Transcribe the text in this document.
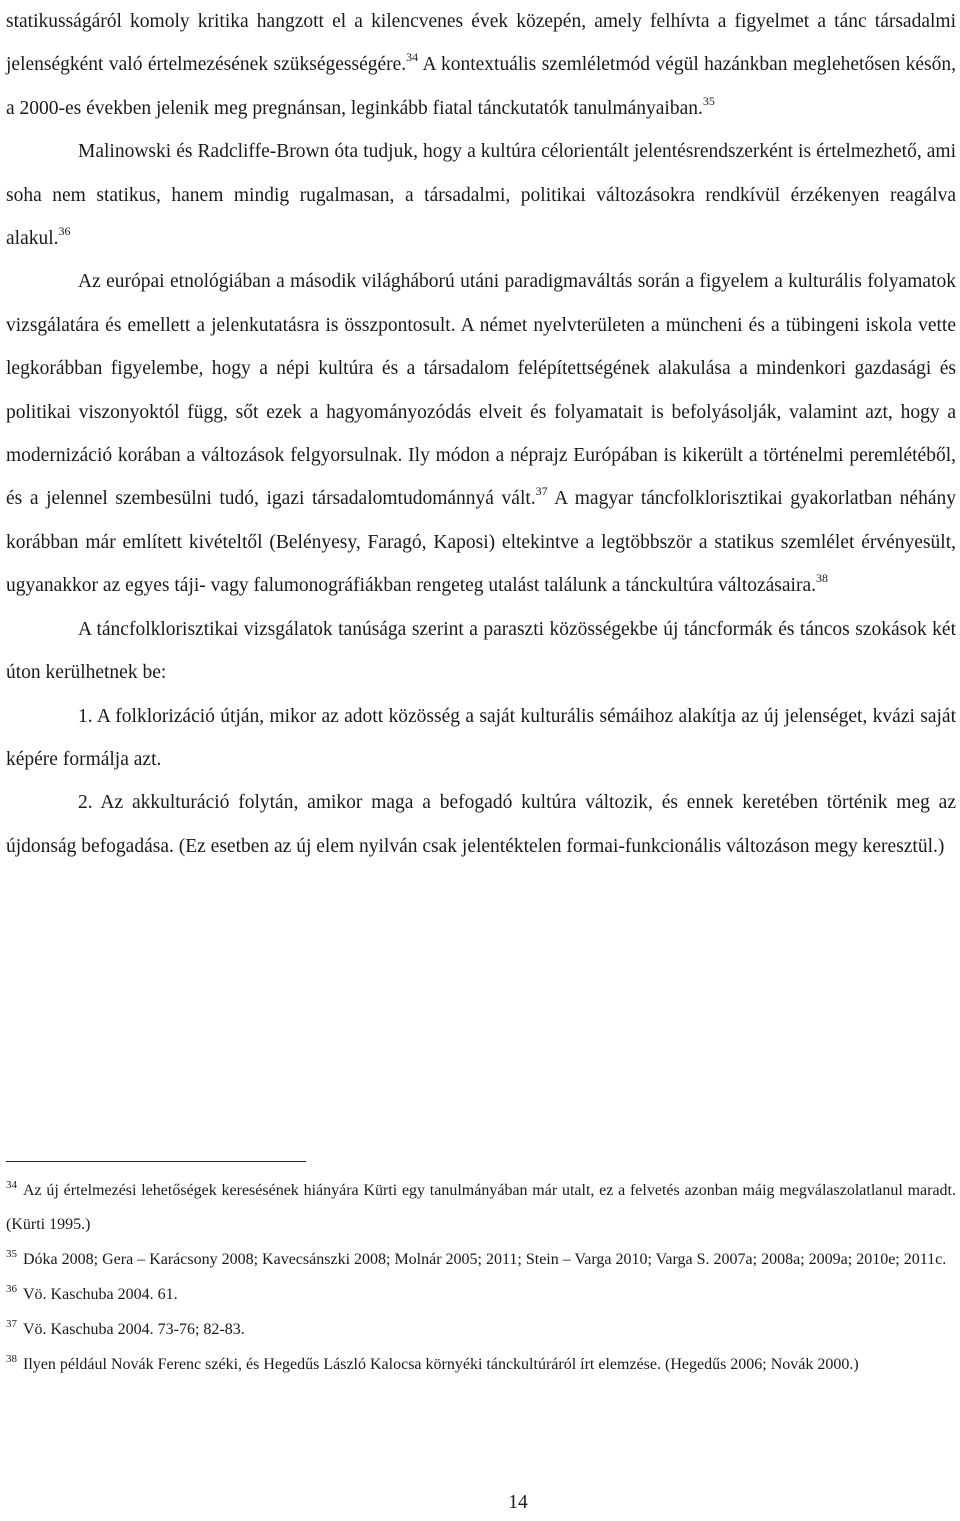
statikusságáról komoly kritika hangzott el a kilencvenes évek közepén, amely felhívta a figyelmet a tánc társadalmi jelenségként való értelmezésének szükségességére.$^{34}$ A kontextuális szemléletmód végül hazánkban meglehetősen későn, a 2000-es években jelenik meg pregnánsan, leginkább fiatal tánckutatók tanulmányaiban.$^{35}$

Malinowski és Radcliffe-Brown óta tudjuk, hogy a kultúra célorientált jelentésrendszerként is értelmezhető, ami soha nem statikus, hanem mindig rugalmasan, a társadalmi, politikai változásokra rendkívül érzékenyen reagálva alakul.$^{36}$

Az európai etnológiában a második világháború utáni paradigmaváltás során a figyelem a kulturális folyamatok vizsgálatára és emellett a jelenkutatásra is összpontosult. A német nyelvterületen a müncheni és a tübingeni iskola vette legkorábban figyelembe, hogy a népi kultúra és a társadalom felépítettségének alakulása a mindenkori gazdasági és politikai viszonyoktól függ, sőt ezek a hagyományozódás elveit és folyamatait is befolyásolják, valamint azt, hogy a modernizáció korában a változások felgyorsulnak. Ily módon a néprajz Európában is kikerült a történelmi peremlétéből, és a jelennel szembesülni tudó, igazi társadalomtudománnyá vált.$^{37}$ A magyar táncfolklorisztikai gyakorlatban néhány korábban már említett kivételtől (Belényesy, Faragó, Kaposi) eltekintve a legtöbbször a statikus szemlélet érvényesült, ugyanakkor az egyes táji- vagy falumonográfiákban rengeteg utalást találunk a tánckultúra változásaira.$^{38}$

A táncfolklorisztikai vizsgálatok tanúsága szerint a paraszti közösségekbe új táncformák és táncos szokások két úton kerülhetnek be:

1. A folklorizáció útján, mikor az adott közösség a saját kulturális sémáihoz alakítja az új jelenséget, kvázi saját képére formálja azt.

2. Az akkulturáció folytán, amikor maga a befogadó kultúra változik, és ennek keretében történik meg az újdonság befogadása. (Ez esetben az új elem nyilván csak jelentéktelen formai-funkcionális változáson megy keresztül.)

$^{34}$ Az új értelmezési lehetőségek keresésének hiányára Kürti egy tanulmányában már utalt, ez a felvetés azonban máig megválaszolatlanul maradt. (Kürti 1995.)

$^{35}$ Dóka 2008; Gera – Karácsony 2008; Kavecsánszki 2008; Molnár 2005; 2011; Stein – Varga 2010; Varga S. 2007a; 2008a; 2009a; 2010e; 2011c.

$^{36}$ Vö. Kaschuba 2004. 61.

$^{37}$ Vö. Kaschuba 2004. 73-76; 82-83.

$^{38}$ Ilyen például Novák Ferenc széki, és Hegedűs László Kalocsa környéki tánckultúráról írt elemzése. (Hegedűs 2006; Novák 2000.)

14
